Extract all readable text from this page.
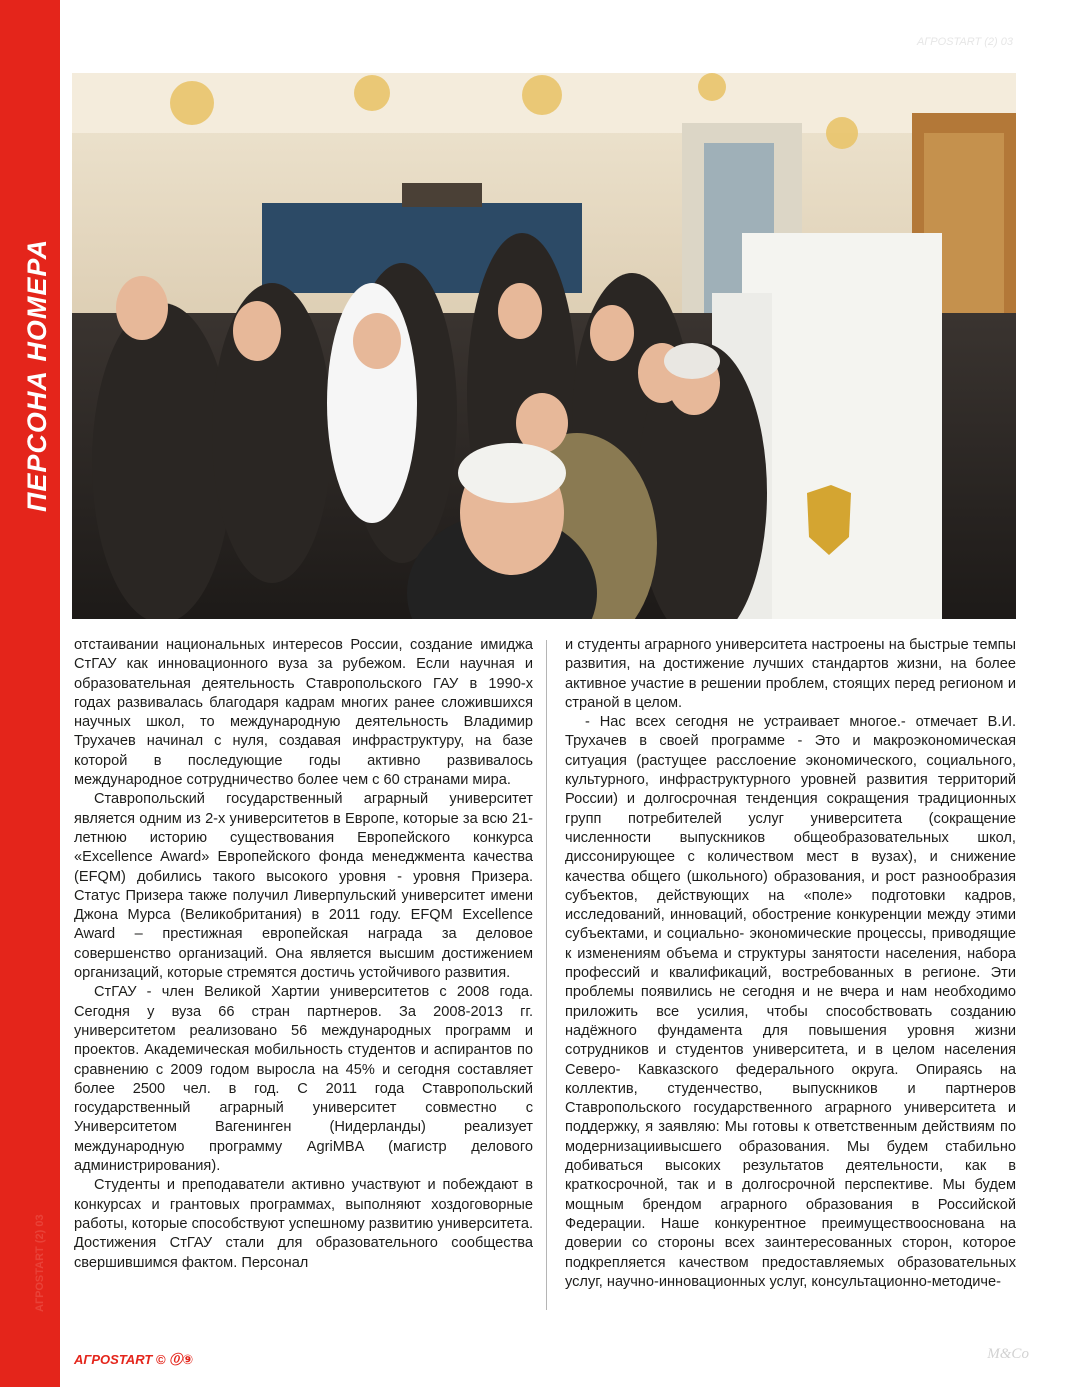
ПЕРСОНА НОМЕРА
АГРОSTART (2) 03
АГРОSTART (2) 03

отстаивании национальных интересов России, создание имиджа СтГАУ как инновационного вуза за рубежом. Если научная и образовательная деятельность Ставропольского ГАУ в 1990-х годах развивалась благодаря кадрам многих ранее сложившихся научных школ, то международную деятельность Владимир Трухачев начинал с нуля, создавая инфраструктуру, на базе которой в последующие годы активно развивалось международное сотрудничество более чем с 60 странами мира.

Ставропольский государственный аграрный университет является одним из 2-х университетов в Европе, которые за всю 21-летнюю историю существования Европейского конкурса «Excellence Award» Европейского фонда менеджмента качества (EFQM) добились такого высокого уровня - уровня Призера. Статус Призера также получил Ливерпульский университет имени Джона Мурса (Великобритания) в 2011 году. EFQM Excellence Award – престижная европейская награда за деловое совершенство организаций. Она является высшим достижением организаций, которые стремятся достичь устойчивого развития.

СтГАУ - член Великой Хартии университетов с 2008 года. Сегодня у вуза 66 стран партнеров. За 2008-2013 гг. университетом реализовано 56 международных программ и проектов. Академическая мобильность студентов и аспирантов по сравнению с 2009 годом выросла на 45% и сегодня составляет более 2500 чел. в год. С 2011 года Ставропольский государственный аграрный университет совместно с Университетом Вагенинген (Нидерланды) реализует международную программу AgriMBA (магистр делового администрирования).

Студенты и преподаватели активно участвуют и побеждают в конкурсах и грантовых программах, выполняют хоздоговорные работы, которые способствуют успешному развитию университета. Достижения СтГАУ стали для образовательного сообщества свершившимся фактом. Персонал

и студенты аграрного университета настроены на быстрые темпы развития, на достижение лучших стандартов жизни, на более активное участие в решении проблем, стоящих перед регионом и страной в целом.

- Нас всех сегодня не устраивает многое.- отмечает В.И. Трухачев в своей программе - Это и макроэкономическая ситуация (растущее расслоение экономического, социального, культурного, инфраструктурного уровней развития территорий России) и долгосрочная тенденция сокращения традиционных групп потребителей услуг университета (сокращение численности выпускников общеобразовательных школ, диссонирующее с количеством мест в вузах), и снижение качества общего (школьного) образования, и рост разнообразия субъектов, действующих на «поле» подготовки кадров, исследований, инноваций, обострение конкуренции между этими субъектами, и социально- экономические процессы, приводящие к изменениям объема и структуры занятости населения, набора профессий и квалификаций, востребованных в регионе. Эти проблемы появились не сегодня и не вчера и нам необходимо приложить все усилия, чтобы способствовать созданию надёжного фундамента для повышения уровня жизни сотрудников и студентов университета, и в целом населения Северо- Кавказского федерального округа. Опираясь на коллектив, студенчество, выпускников и партнеров Ставропольского государственного аграрного университета и поддержку, я заявляю: Мы готовы к ответственным действиям по модернизациивысшего образования. Мы будем стабильно добиваться высоких результатов деятельности, как в краткосрочной, так и в долгосрочной перспективе. Мы будем мощным брендом аграрного образования в Российской Федерации. Наше конкурентное преимуществооснована на доверии со стороны всех заинтересованных сторон, которое подкрепляется качеством предоставляемых образовательных услуг, научно-инновационных услуг, консультационно-методиче-

АГРОSTART © ⓪⑨	М&Со
